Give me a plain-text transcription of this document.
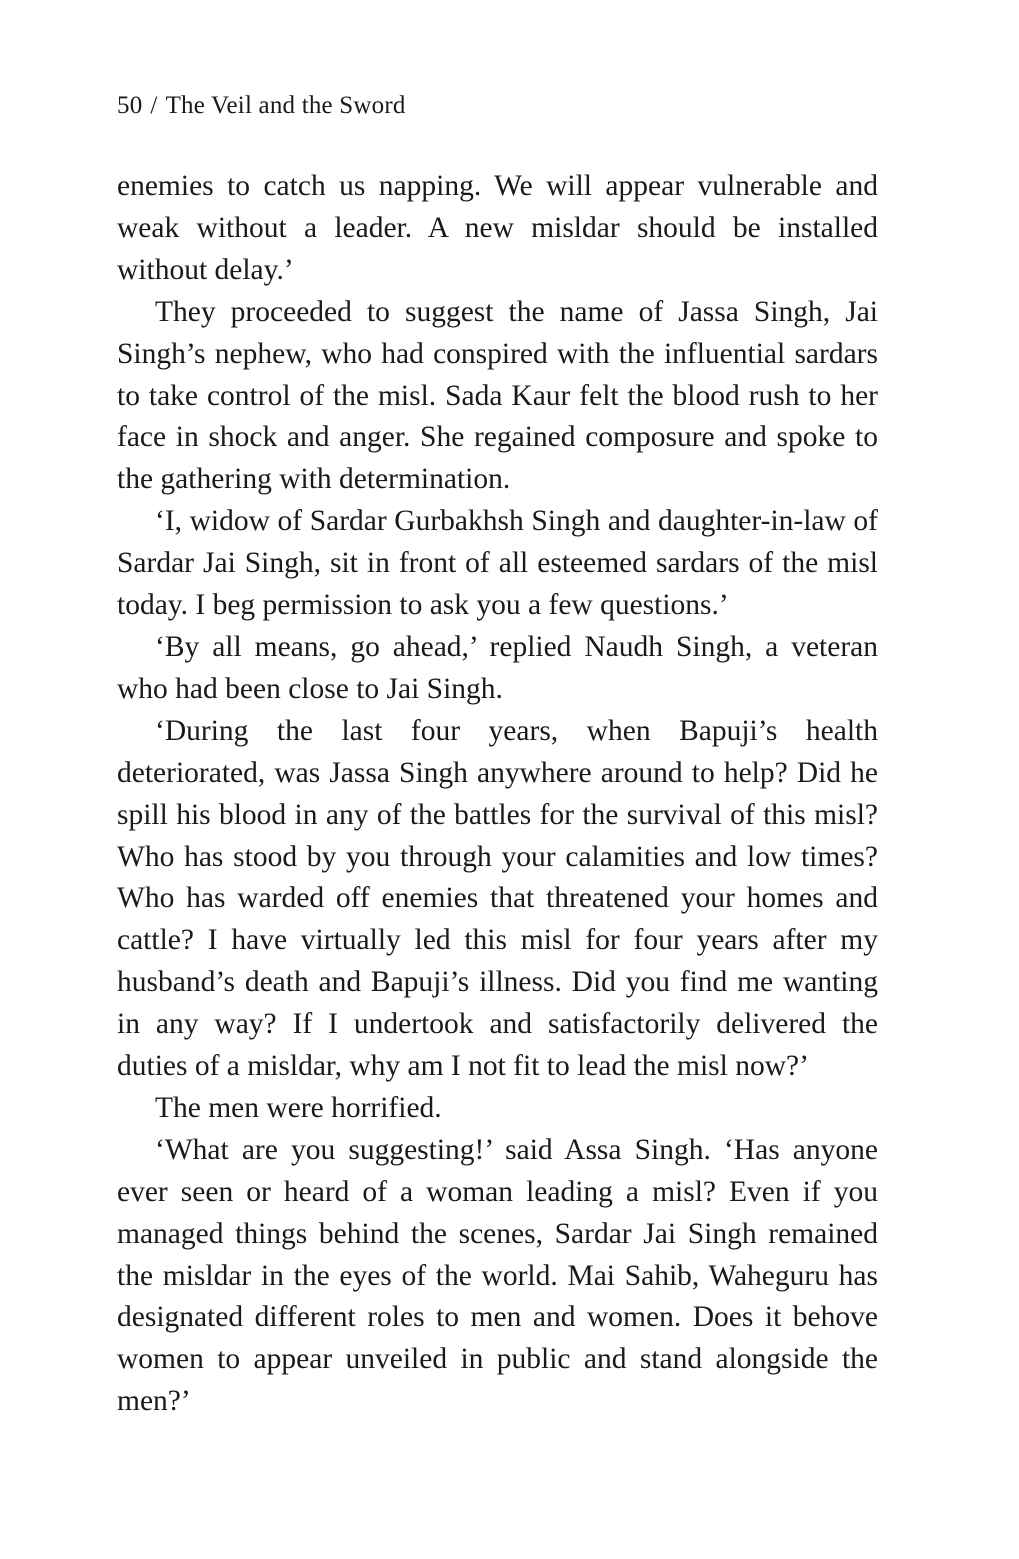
50 / The Veil and the Sword

enemies to catch us napping. We will appear vulnerable and weak without a leader. A new misldar should be installed without delay.’

They proceeded to suggest the name of Jassa Singh, Jai Singh’s nephew, who had conspired with the influential sardars to take control of the misl. Sada Kaur felt the blood rush to her face in shock and anger. She regained composure and spoke to the gathering with determination.

‘I, widow of Sardar Gurbakhsh Singh and daughter-in-law of Sardar Jai Singh, sit in front of all esteemed sardars of the misl today. I beg permission to ask you a few questions.’

‘By all means, go ahead,’ replied Naudh Singh, a veteran who had been close to Jai Singh.

‘During the last four years, when Bapuji’s health deteriorated, was Jassa Singh anywhere around to help? Did he spill his blood in any of the battles for the survival of this misl? Who has stood by you through your calamities and low times? Who has warded off enemies that threatened your homes and cattle? I have virtually led this misl for four years after my husband’s death and Bapuji’s illness. Did you find me wanting in any way? If I undertook and satisfactorily delivered the duties of a misldar, why am I not fit to lead the misl now?’

The men were horrified.

‘What are you suggesting!’ said Assa Singh. ‘Has anyone ever seen or heard of a woman leading a misl? Even if you managed things behind the scenes, Sardar Jai Singh remained the misldar in the eyes of the world. Mai Sahib, Waheguru has designated different roles to men and women. Does it behove women to appear unveiled in public and stand alongside the men?’
